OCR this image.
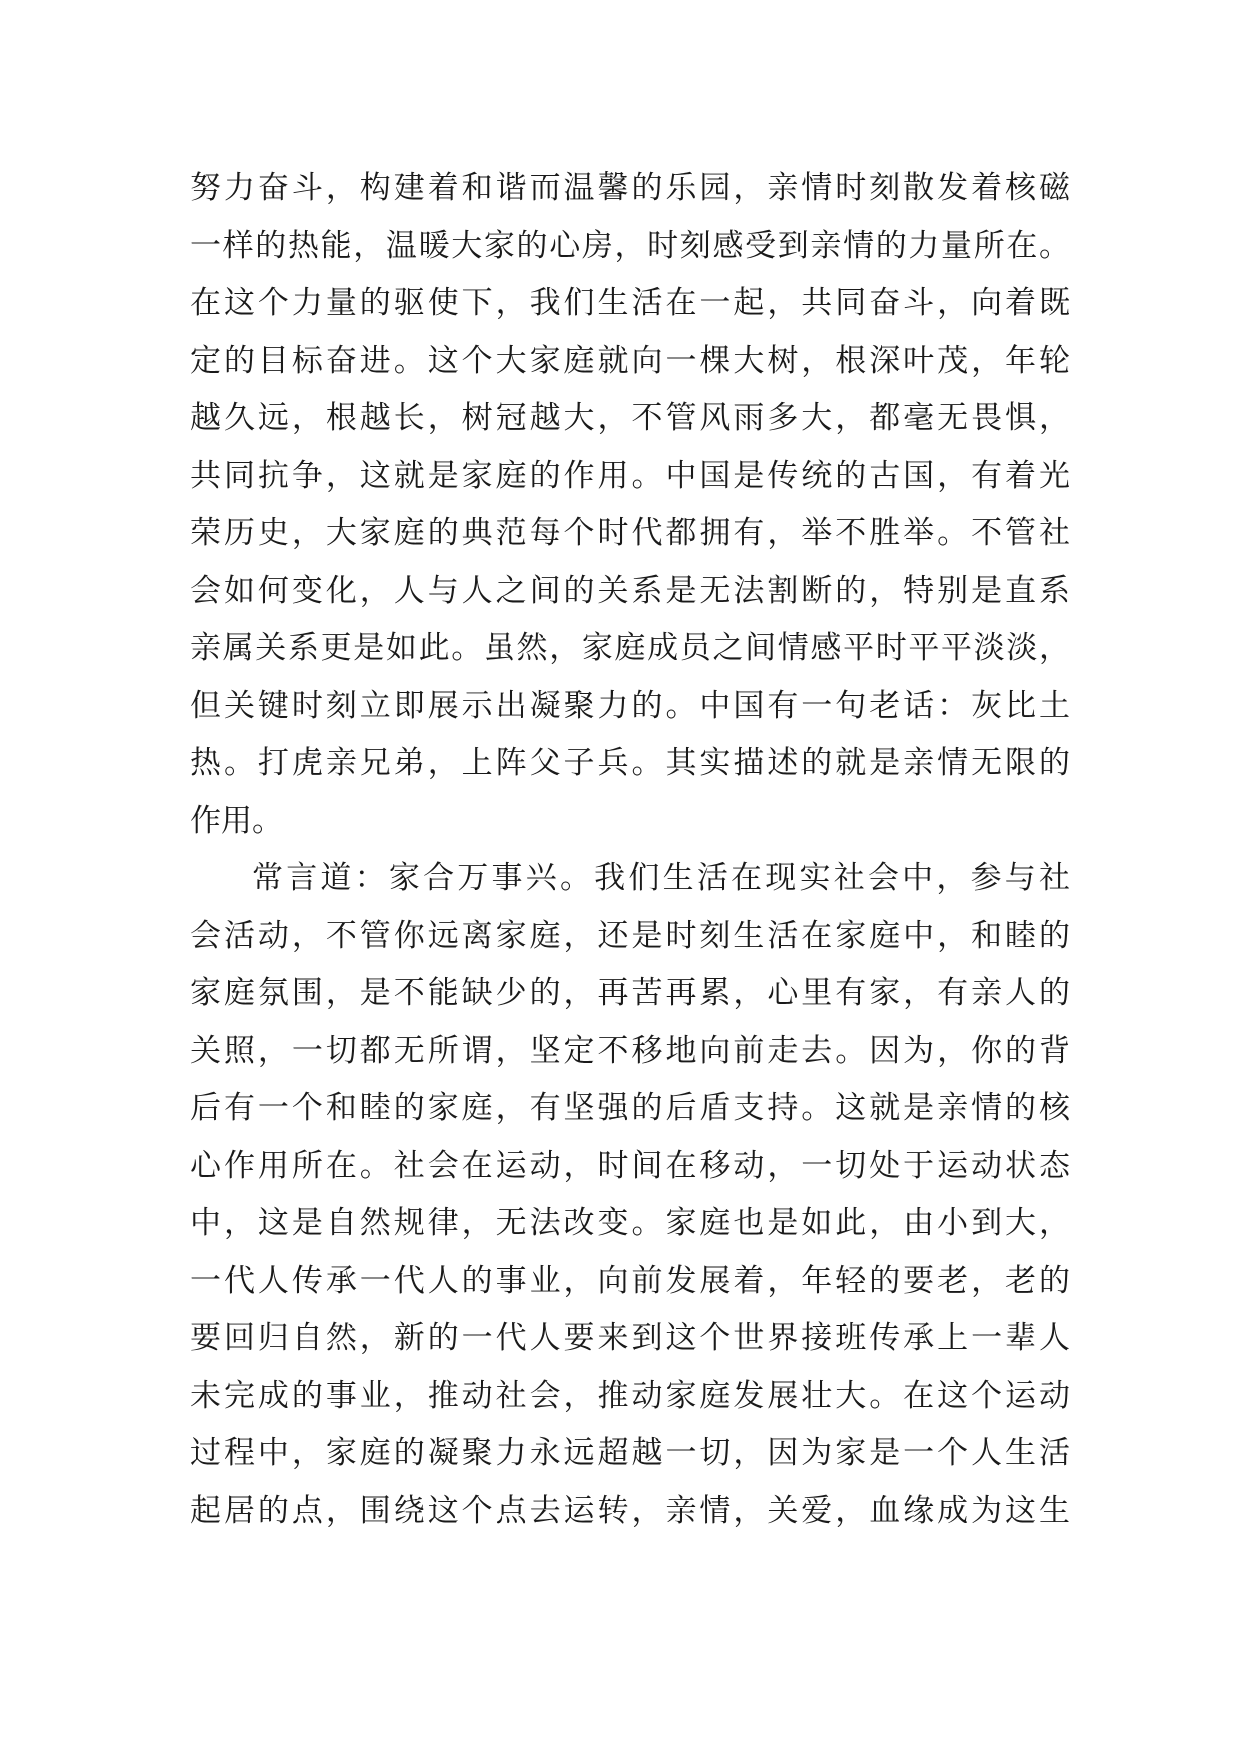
努力奋斗，构建着和谐而温馨的乐园，亲情时刻散发着核磁
一样的热能，温暖大家的心房，时刻感受到亲情的力量所在。
在这个力量的驱使下，我们生活在一起，共同奋斗，向着既
定的目标奋进。这个大家庭就向一棵大树，根深叶茂，年轮
越久远，根越长，树冠越大，不管风雨多大，都毫无畏惧，
共同抗争，这就是家庭的作用。中国是传统的古国，有着光
荣历史，大家庭的典范每个时代都拥有，举不胜举。不管社
会如何变化，人与人之间的关系是无法割断的，特别是直系
亲属关系更是如此。虽然，家庭成员之间情感平时平平淡淡，
但关键时刻立即展示出凝聚力的。中国有一句老话：灰比土
热。打虎亲兄弟，上阵父子兵。其实描述的就是亲情无限的
作用。
常言道：家合万事兴。我们生活在现实社会中，参与社
会活动，不管你远离家庭，还是时刻生活在家庭中，和睦的
家庭氛围，是不能缺少的，再苦再累，心里有家，有亲人的
关照，一切都无所谓，坚定不移地向前走去。因为，你的背
后有一个和睦的家庭，有坚强的后盾支持。这就是亲情的核
心作用所在。社会在运动，时间在移动，一切处于运动状态
中，这是自然规律，无法改变。家庭也是如此，由小到大，
一代人传承一代人的事业，向前发展着，年轻的要老，老的
要回归自然，新的一代人要来到这个世界接班传承上一辈人
未完成的事业，推动社会，推动家庭发展壮大。在这个运动
过程中，家庭的凝聚力永远超越一切，因为家是一个人生活
起居的点，围绕这个点去运转，亲情，关爱，血缘成为这生
